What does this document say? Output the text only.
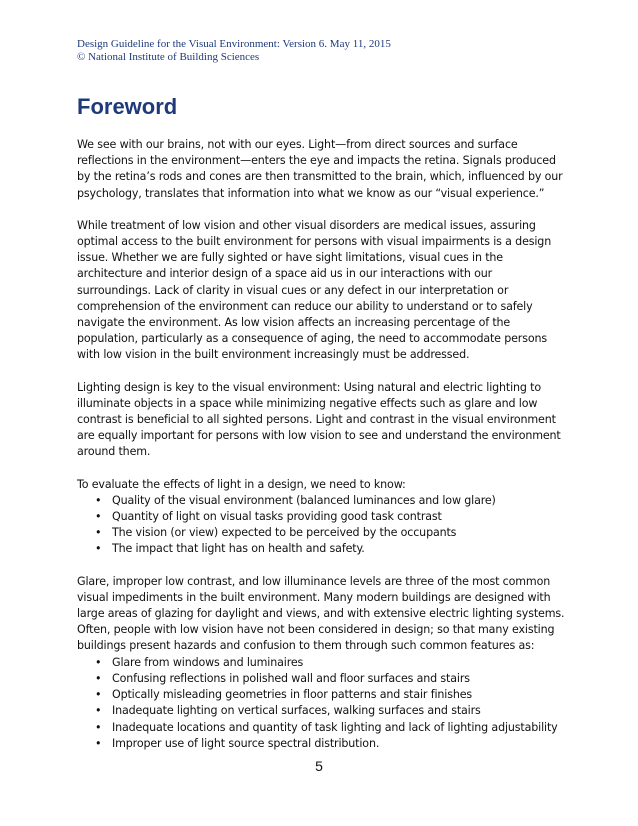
Design Guideline for the Visual Environment: Version 6. May 11, 2015
© National Institute of Building Sciences
Foreword

We see with our brains, not with our eyes. Light—from direct sources and surface reflections in the environment—enters the eye and impacts the retina. Signals produced by the retina’s rods and cones are then transmitted to the brain, which, influenced by our psychology, translates that information into what we know as our “visual experience.”

While treatment of low vision and other visual disorders are medical issues, assuring optimal access to the built environment for persons with visual impairments is a design issue. Whether we are fully sighted or have sight limitations, visual cues in the architecture and interior design of a space aid us in our interactions with our surroundings. Lack of clarity in visual cues or any defect in our interpretation or comprehension of the environment can reduce our ability to understand or to safely navigate the environment. As low vision affects an increasing percentage of the population, particularly as a consequence of aging, the need to accommodate persons with low vision in the built environment increasingly must be addressed.

Lighting design is key to the visual environment: Using natural and electric lighting to illuminate objects in a space while minimizing negative effects such as glare and low contrast is beneficial to all sighted persons. Light and contrast in the visual environment are equally important for persons with low vision to see and understand the environment around them.

To evaluate the effects of light in a design, we need to know:

• Quality of the visual environment (balanced luminances and low glare)
• Quantity of light on visual tasks providing good task contrast
• The vision (or view) expected to be perceived by the occupants
• The impact that light has on health and safety.

Glare, improper low contrast, and low illuminance levels are three of the most common visual impediments in the built environment. Many modern buildings are designed with large areas of glazing for daylight and views, and with extensive electric lighting systems. Often, people with low vision have not been considered in design; so that many existing buildings present hazards and confusion to them through such common features as:

• Glare from windows and luminaires
• Confusing reflections in polished wall and floor surfaces and stairs
• Optically misleading geometries in floor patterns and stair finishes
• Inadequate lighting on vertical surfaces, walking surfaces and stairs
• Inadequate locations and quantity of task lighting and lack of lighting adjustability
• Improper use of light source spectral distribution.
5
